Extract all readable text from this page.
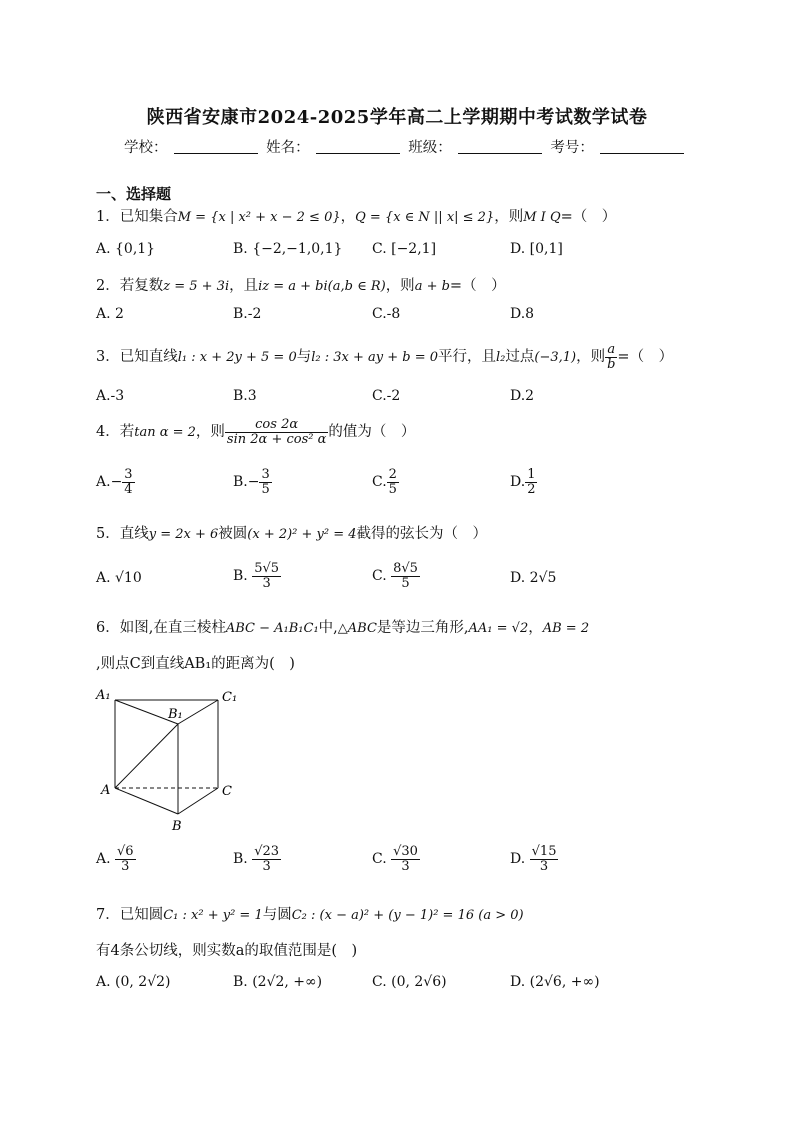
陕西省安康市2024-2025学年高二上学期期中考试数学试卷
学校：	姓名：	班级：	考号：
一、选择题
1．已知集合M = {x | x² + x − 2 ≤ 0}，Q = {x ∈ N || x| ≤ 2}，则M I Q=（　）
A. {0,1}	B. {−2,−1,0,1} C. [−2,1]	D. [0,1]
2．若复数z = 5 + 3i，且iz = a + bi(a,b ∈ R)，则a + b=（　）
A. 2	B.-2	C.-8	D.8
3．已知直线l₁ : x + 2y + 5 = 0与l₂ : 3x + ay + b = 0平行，且l₂过点(−3,1)，则 $\frac{a}{b}$ =（　）
A.-3	B.3	C.-2	D.2
4．若tan α = 2，则 $\frac{\cos 2\alpha}{\text{sin 2α + cos² α}}$ 的值为（　）
$A.- \frac{3}{4}$	$B.- \frac{3}{5}$	C. $\frac{2}{5}$	D. $\frac{1}{2}$
5．直线y = 2x + 6被圆(x + 2)² + y² = 4截得的弦长为（　）
A. √10	B. $\frac{5√5}{3}$	C. $\frac{8√5}{5}$	D. 2√5
6．如图,在直三棱柱ABC − A₁B₁C₁中,△ABC是等边三角形,AA₁ = √2，AB = 2
,则点C到直线AB₁的距离为(　)
A₁
B₁
C₁
A
B
C
A. $\frac{√6}{3}$	B. $\frac{√23}{3}$	C. $\frac{√30}{3}$	D. $\frac{√15}{3}$
7．已知圆C₁ : x² + y² = 1与圆C₂ : (x − a)² + (y − 1)² = 16 (a > 0)
有4条公切线，则实数a的取值范围是(　)
A. (0, 2√2)	B. (2√2, +∞)	C. (0, 2√6)	D. (2√6, +∞)
